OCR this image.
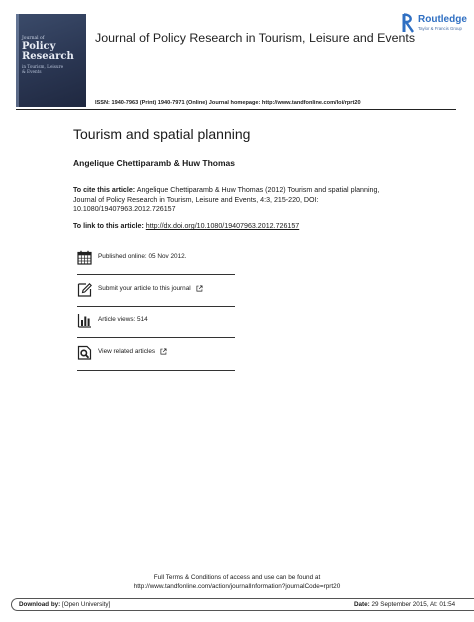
Journal of
Policy
Research
in Tourism, Leisure
& Events
Journal of Policy Research in Tourism, Leisure and Events
Routledge
Taylor & Francis Group
ISSN: 1940-7963 (Print) 1940-7971 (Online) Journal homepage: http://www.tandfonline.com/loi/rprt20
Tourism and spatial planning
Angelique Chettiparamb & Huw Thomas
To cite this article: Angelique Chettiparamb & Huw Thomas (2012) Tourism and spatial planning, Journal of Policy Research in Tourism, Leisure and Events, 4:3, 215-220, DOI: 10.1080/19407963.2012.726157
To link to this article: http://dx.doi.org/10.1080/19407963.2012.726157
Published online: 05 Nov 2012.
Submit your article to this journal
Article views: 514
View related articles
Full Terms & Conditions of access and use can be found at
http://www.tandfonline.com/action/journalInformation?journalCode=rprt20
Download by: [Open University]	Date: 29 September 2015, At: 01:54
